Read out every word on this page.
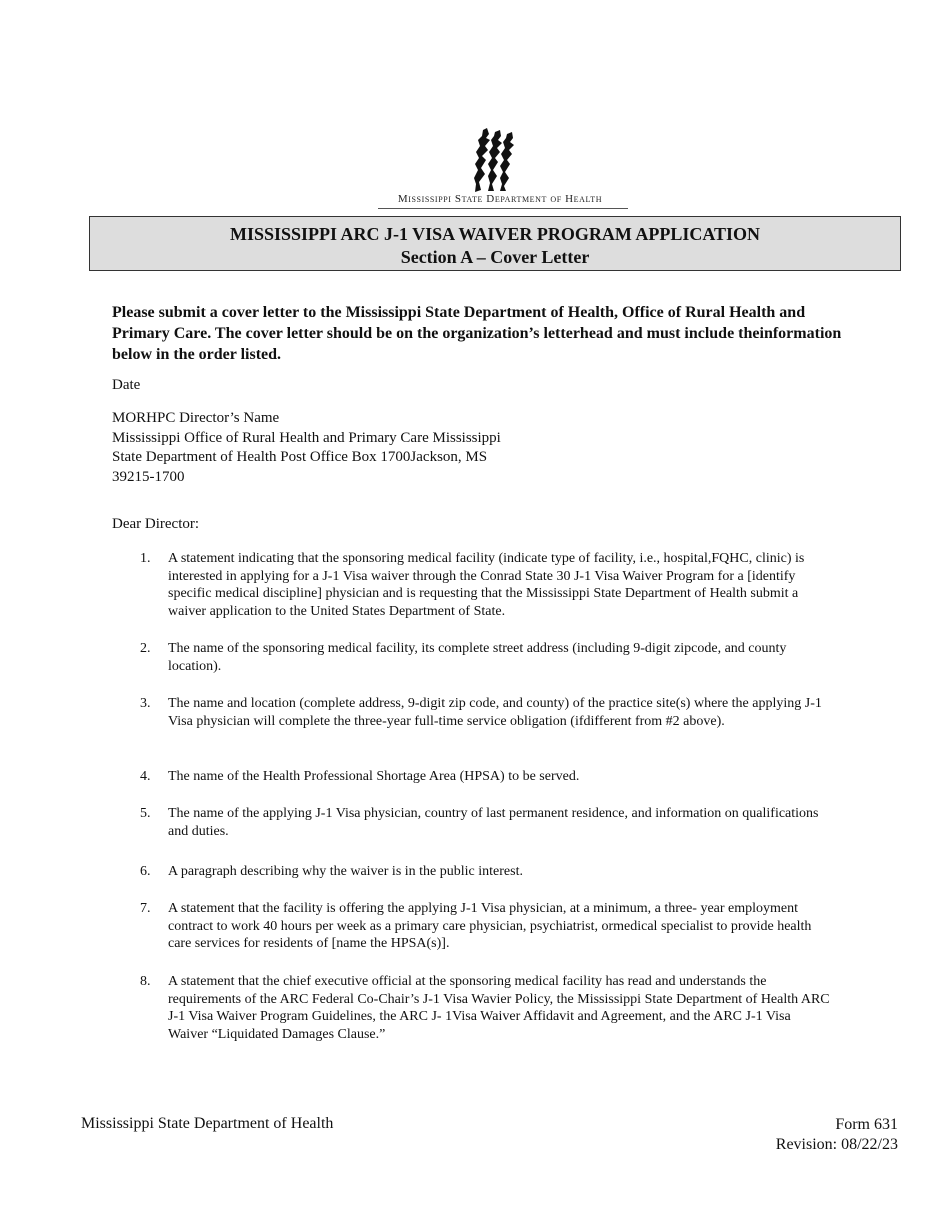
Mississippi State Department of Health
MISSISSIPPI ARC J-1 VISA WAIVER PROGRAM APPLICATION
Section A – Cover Letter

Please submit a cover letter to the Mississippi State Department of Health, Office of Rural Health and Primary Care. The cover letter should be on the organization’s letterhead and must include theinformation below in the order listed.

Date

MORHPC Director’s Name
Mississippi Office of Rural Health and Primary Care Mississippi
State Department of Health Post Office Box 1700Jackson, MS
39215-1700

Dear Director:

1. A statement indicating that the sponsoring medical facility (indicate type of facility, i.e., hospital,FQHC, clinic) is interested in applying for a J-1 Visa waiver through the Conrad State 30 J-1 Visa Waiver Program for a [identify specific medical discipline] physician and is requesting that the Mississippi State Department of Health submit a waiver application to the United States Department of State.
2. The name of the sponsoring medical facility, its complete street address (including 9-digit zipcode, and county location).
3. The name and location (complete address, 9-digit zip code, and county) of the practice site(s) where the applying J-1 Visa physician will complete the three-year full-time service obligation (ifdifferent from #2 above).
4. The name of the Health Professional Shortage Area (HPSA) to be served.
5. The name of the applying J-1 Visa physician, country of last permanent residence, and information on qualifications and duties.
6. A paragraph describing why the waiver is in the public interest.
7. A statement that the facility is offering the applying J-1 Visa physician, at a minimum, a three- year employment contract to work 40 hours per week as a primary care physician, psychiatrist, ormedical specialist to provide health care services for residents of [name the HPSA(s)].
8. A statement that the chief executive official at the sponsoring medical facility has read and understands the requirements of the ARC Federal Co-Chair’s J-1 Visa Wavier Policy, the Mississippi State Department of Health ARC J-1 Visa Waiver Program Guidelines, the ARC J- 1Visa Waiver Affidavit and Agreement, and the ARC J-1 Visa Waiver “Liquidated Damages Clause.”
Mississippi State Department of Health	Form 631
Revision: 08/22/23
